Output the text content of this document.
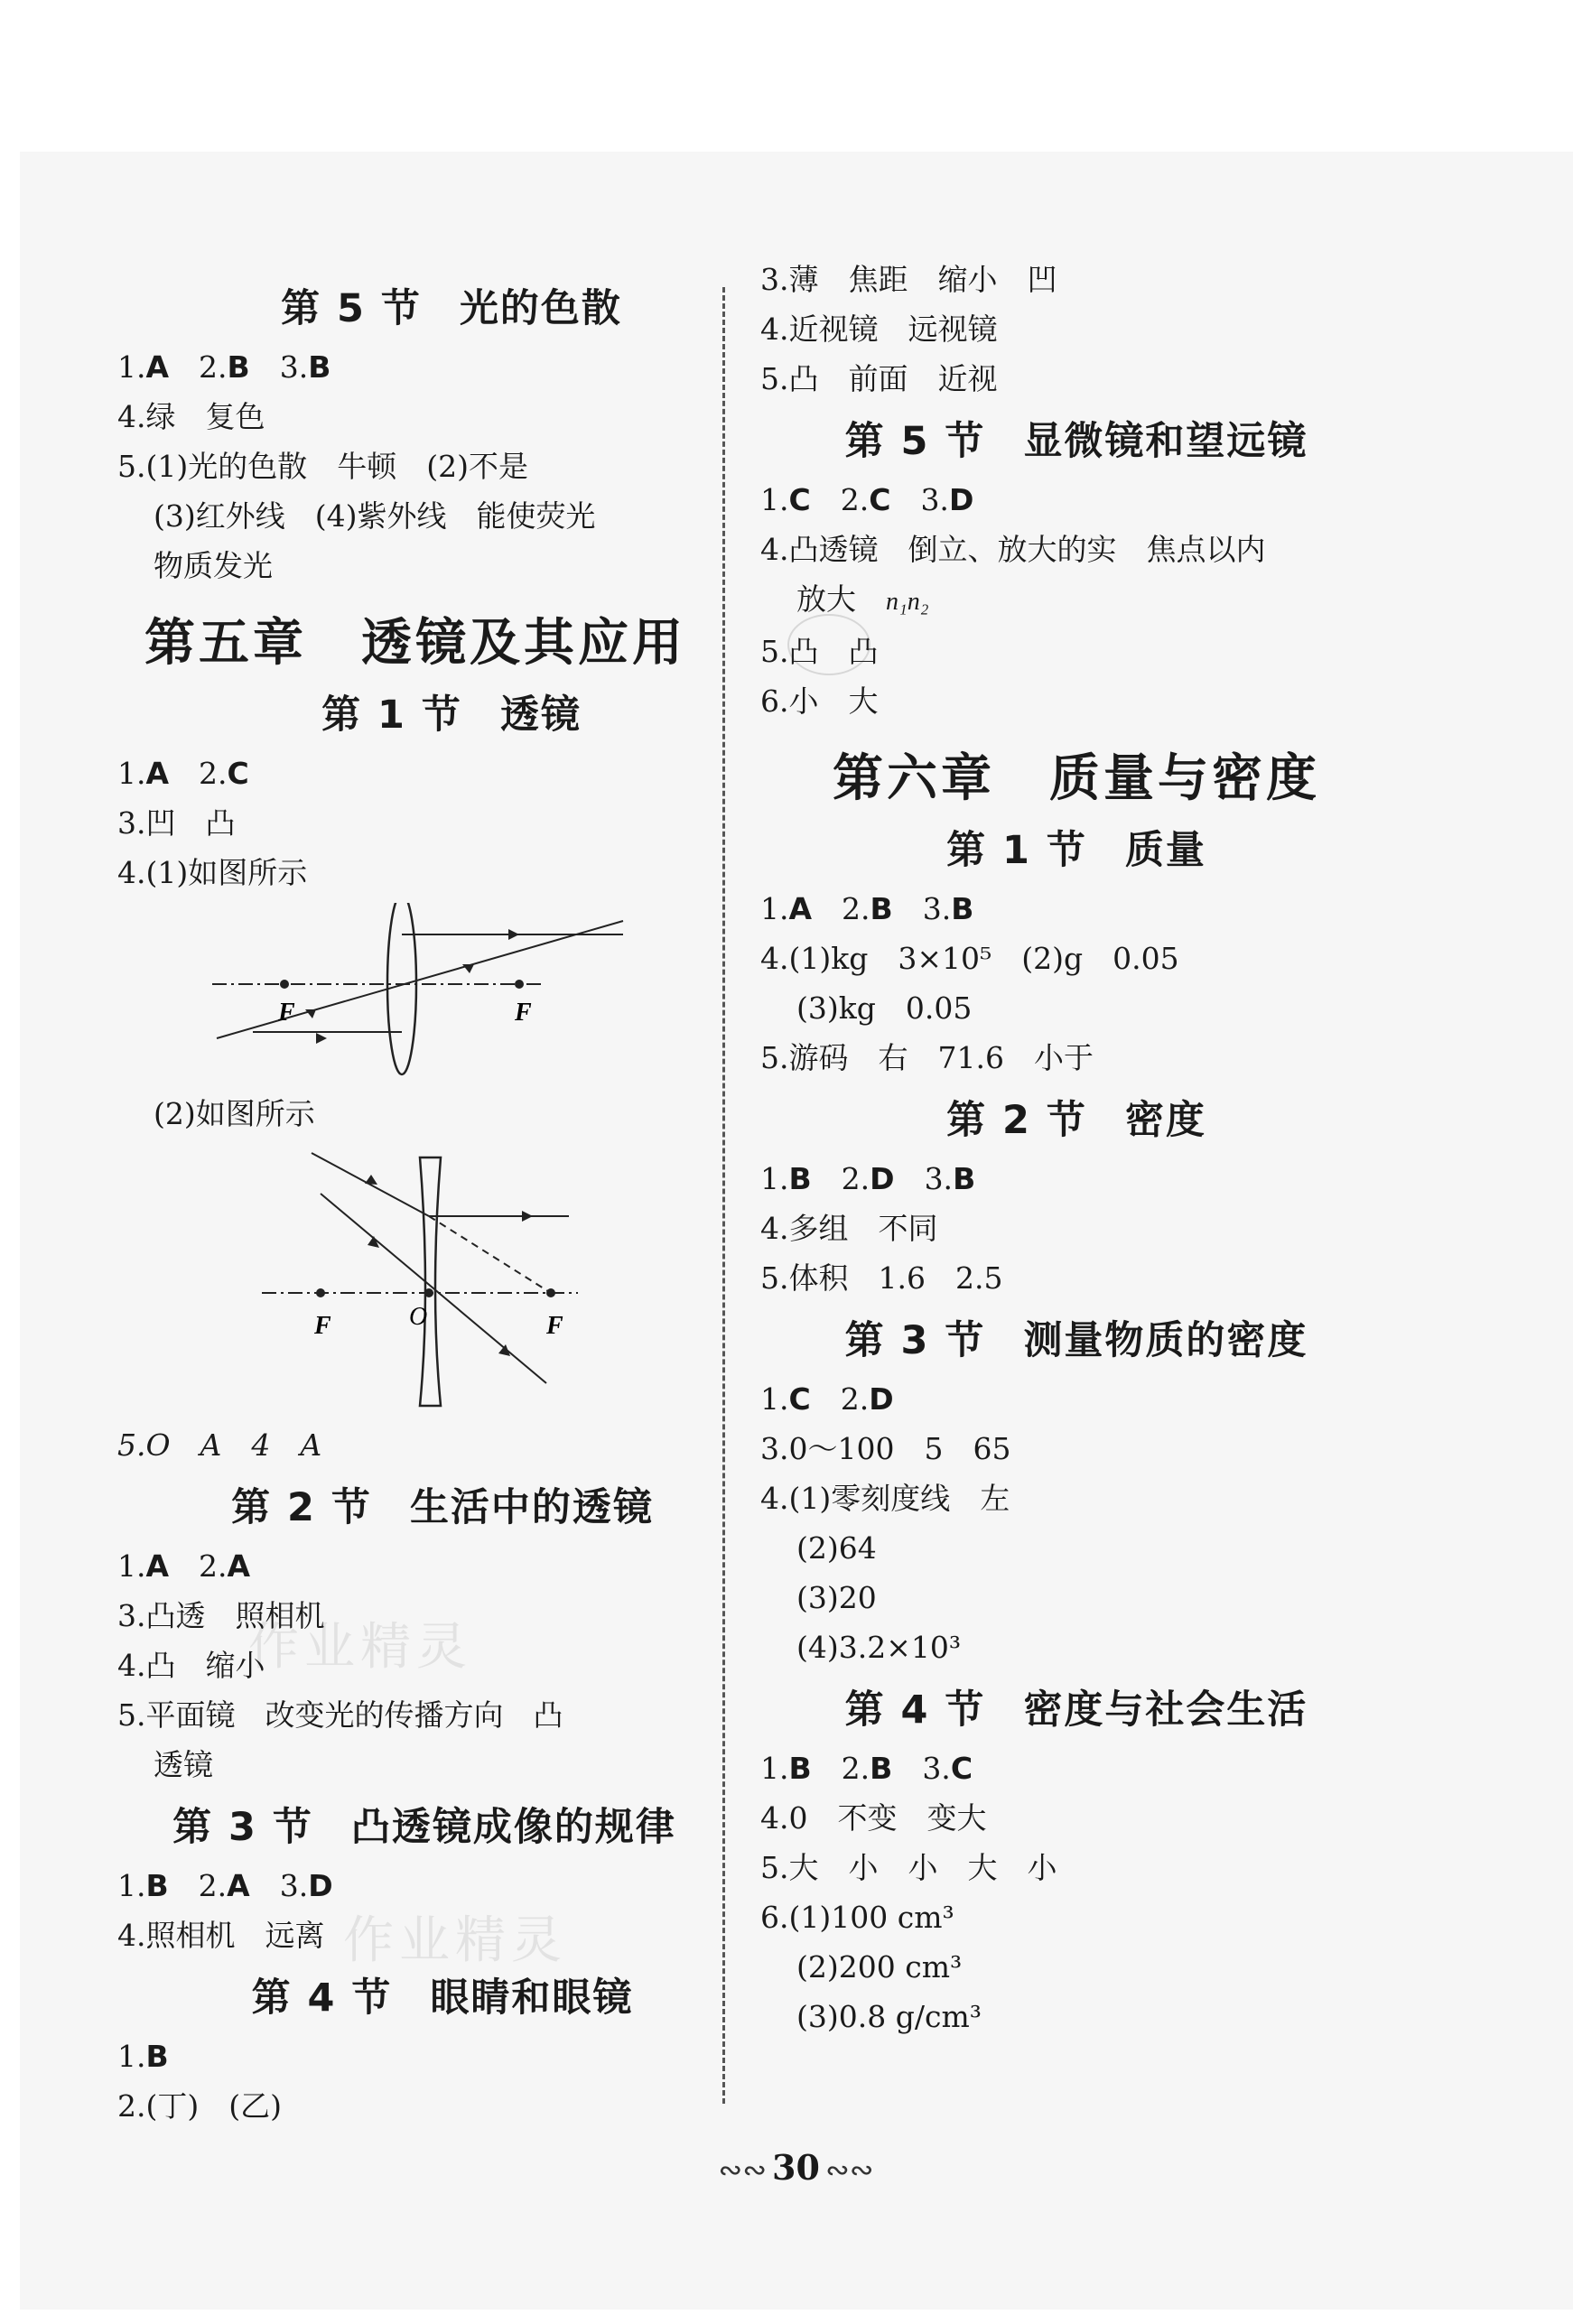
作业精灵
作业精灵
第 5 节 光的色散
1.A　2.B　3.B
4.绿　复色
5.(1)光的色散　牛顿　(2)不是
(3)红外线　(4)紫外线　能使荧光
物质发光
第五章 透镜及其应用
第 1 节 透镜
1.A　2.C
3.凹　凸
4.(1)如图所示
F	F
(2)如图所示
F	O	F
5.O　A　4　A
第 2 节 生活中的透镜
1.A　2.A
3.凸透　照相机
4.凸　缩小
5.平面镜　改变光的传播方向　凸
透镜
第 3 节 凸透镜成像的规律
1.B　2.A　3.D
4.照相机　远离
第 4 节 眼睛和眼镜
1.B
2.(丁)　(乙)
3.薄　焦距　缩小　凹
4.近视镜　远视镜
5.凸　前面　近视
第 5 节 显微镜和望远镜
1.C　2.C　3.D
4.凸透镜　倒立、放大的实　焦点以内
放大　 n₁n₂
5.凸　凸
6.小　大
第六章 质量与密度
第 1 节 质量
1.A　2.B　3.B
4.(1)kg　3×10⁵　(2)g　0.05
(3)kg　0.05
5.游码　右　71.6　小于
第 2 节 密度
1.B　2.D　3.B
4.多组　不同
5.体积　1.6　2.5
第 3 节 测量物质的密度
1.C　2.D
3.0～100　5　65
4.(1)零刻度线　左
(2)64
(3)20
(4)3.2×10³
第 4 节 密度与社会生活
1.B　2.B　3.C
4.0　不变　变大
5.大　小　小　大　小
6.(1)100 cm³
(2)200 cm³
(3)0.8 g/cm³
∾∾ 30 ∾∾
